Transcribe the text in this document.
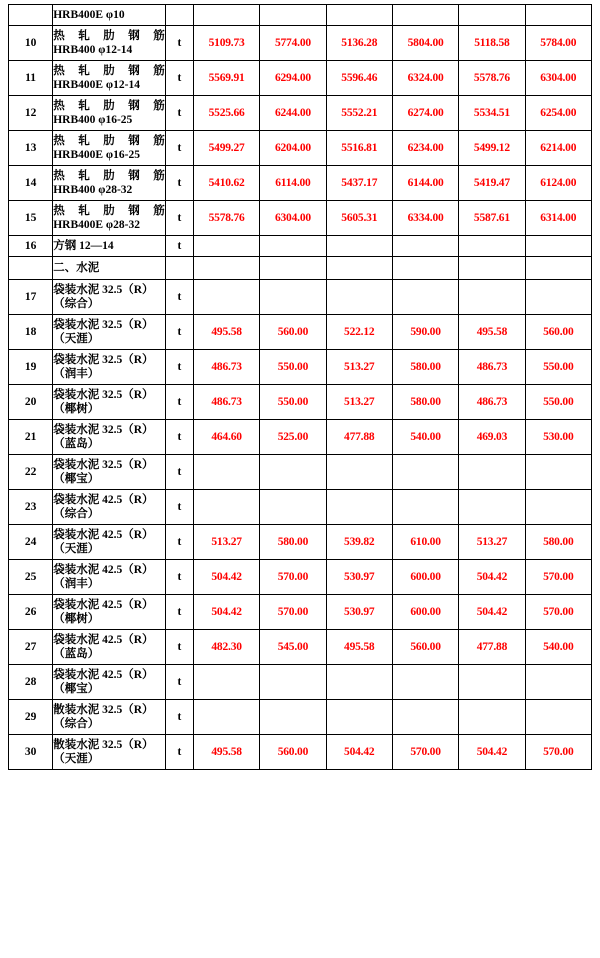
	HRB400E φ10							

10	热 轧 肋 钢 筋
HRB400 φ12-14	t	5109.73	5774.00	5136.28	5804.00	5118.58	5784.00
11	热 轧 肋 钢 筋
HRB400E φ12-14	t	5569.91	6294.00	5596.46	6324.00	5578.76	6304.00
12	热 轧 肋 钢 筋
HRB400 φ16-25	t	5525.66	6244.00	5552.21	6274.00	5534.51	6254.00
13	热 轧 肋 钢 筋
HRB400E φ16-25	t	5499.27	6204.00	5516.81	6234.00	5499.12	6214.00
14	热 轧 肋 钢 筋
HRB400 φ28-32	t	5410.62	6114.00	5437.17	6144.00	5419.47	6124.00
15	热 轧 肋 钢 筋
HRB400E φ28-32	t	5578.76	6304.00	5605.31	6334.00	5587.61	6314.00
16	方钢 12—14	t						

	二、水泥							

17	袋装水泥 32.5（R）
（综合）	t						
18	袋装水泥 32.5（R）
（天涯）	t	495.58	560.00	522.12	590.00	495.58	560.00
19	袋装水泥 32.5（R）
（润丰）	t	486.73	550.00	513.27	580.00	486.73	550.00
20	袋装水泥 32.5（R）
（椰树）	t	486.73	550.00	513.27	580.00	486.73	550.00
21	袋装水泥 32.5（R）
（蓝岛）	t	464.60	525.00	477.88	540.00	469.03	530.00
22	袋装水泥 32.5（R）
（椰宝）	t						
23	袋装水泥 42.5（R）
（综合）	t						
24	袋装水泥 42.5（R）
（天涯）	t	513.27	580.00	539.82	610.00	513.27	580.00
25	袋装水泥 42.5（R）
（润丰）	t	504.42	570.00	530.97	600.00	504.42	570.00
26	袋装水泥 42.5（R）
（椰树）	t	504.42	570.00	530.97	600.00	504.42	570.00
27	袋装水泥 42.5（R）
（蓝岛）	t	482.30	545.00	495.58	560.00	477.88	540.00
28	袋装水泥 42.5（R）
（椰宝）	t						
29	散装水泥 32.5（R）
（综合）	t						
30	散装水泥 32.5（R）
（天涯）	t	495.58	560.00	504.42	570.00	504.42	570.00
